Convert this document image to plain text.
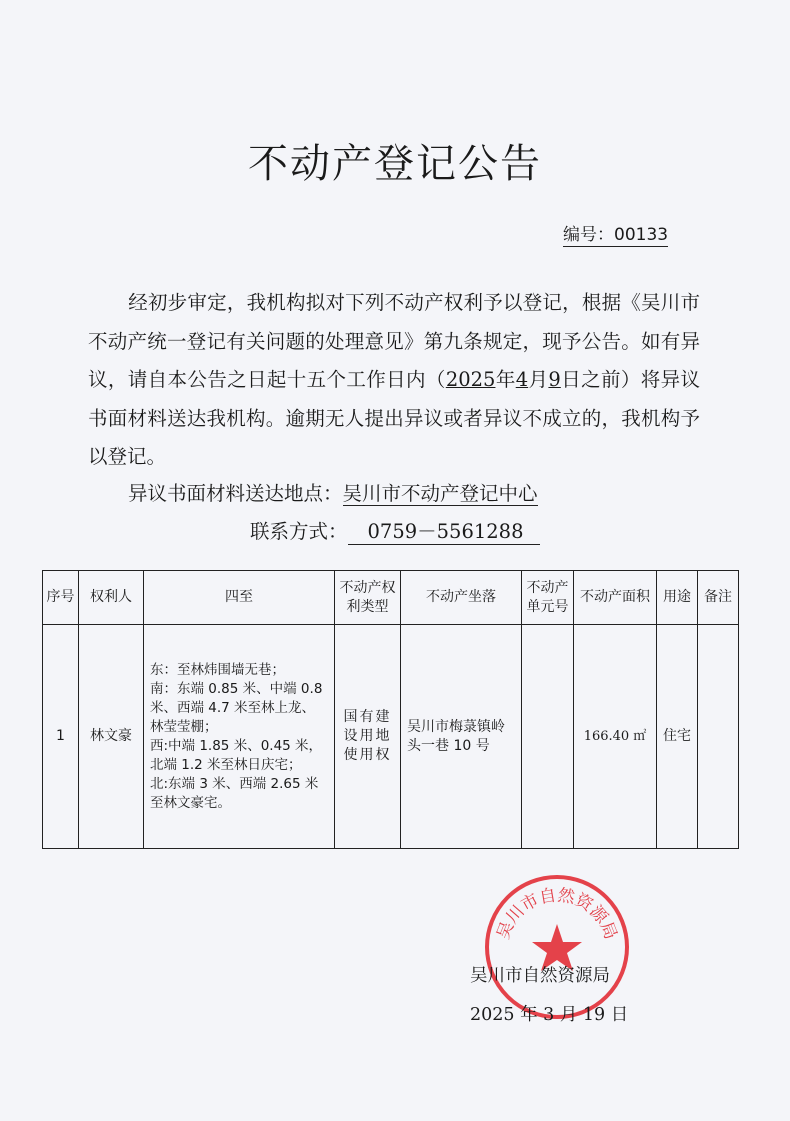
不动产登记公告
编号：00133
经初步审定，我机构拟对下列不动产权利予以登记，根据《吴川市不动产统一登记有关问题的处理意见》第九条规定，现予公告。如有异议，请自本公告之日起十五个工作日内（2025年4月9日之前）将异议书面材料送达我机构。逾期无人提出异议或者异议不成立的，我机构予以登记。
异议书面材料送达地点：吴川市不动产登记中心
联系方式： 0759－5561288
序号	权利人	四至	不动产权利类型	不动产坐落	不动产单元号	不动产面积	用途	备注
1	林文豪	东：至林炜围墙无巷；
南：东端 0.85 米、中端 0.8 米、西端 4.7 米至林上龙、林莹莹棚；
西:中端 1.85 米、0.45 米，北端 1.2 米至林日庆宅；
北:东端 3 米、西端 2.65 米至林文豪宅。	国有建设用地使用权	吴川市梅菉镇岭头一巷 10 号		166.40 ㎡	住宅	
吴川市自然资源局
吴川市自然资源局
2025 年 3 月 19 日
